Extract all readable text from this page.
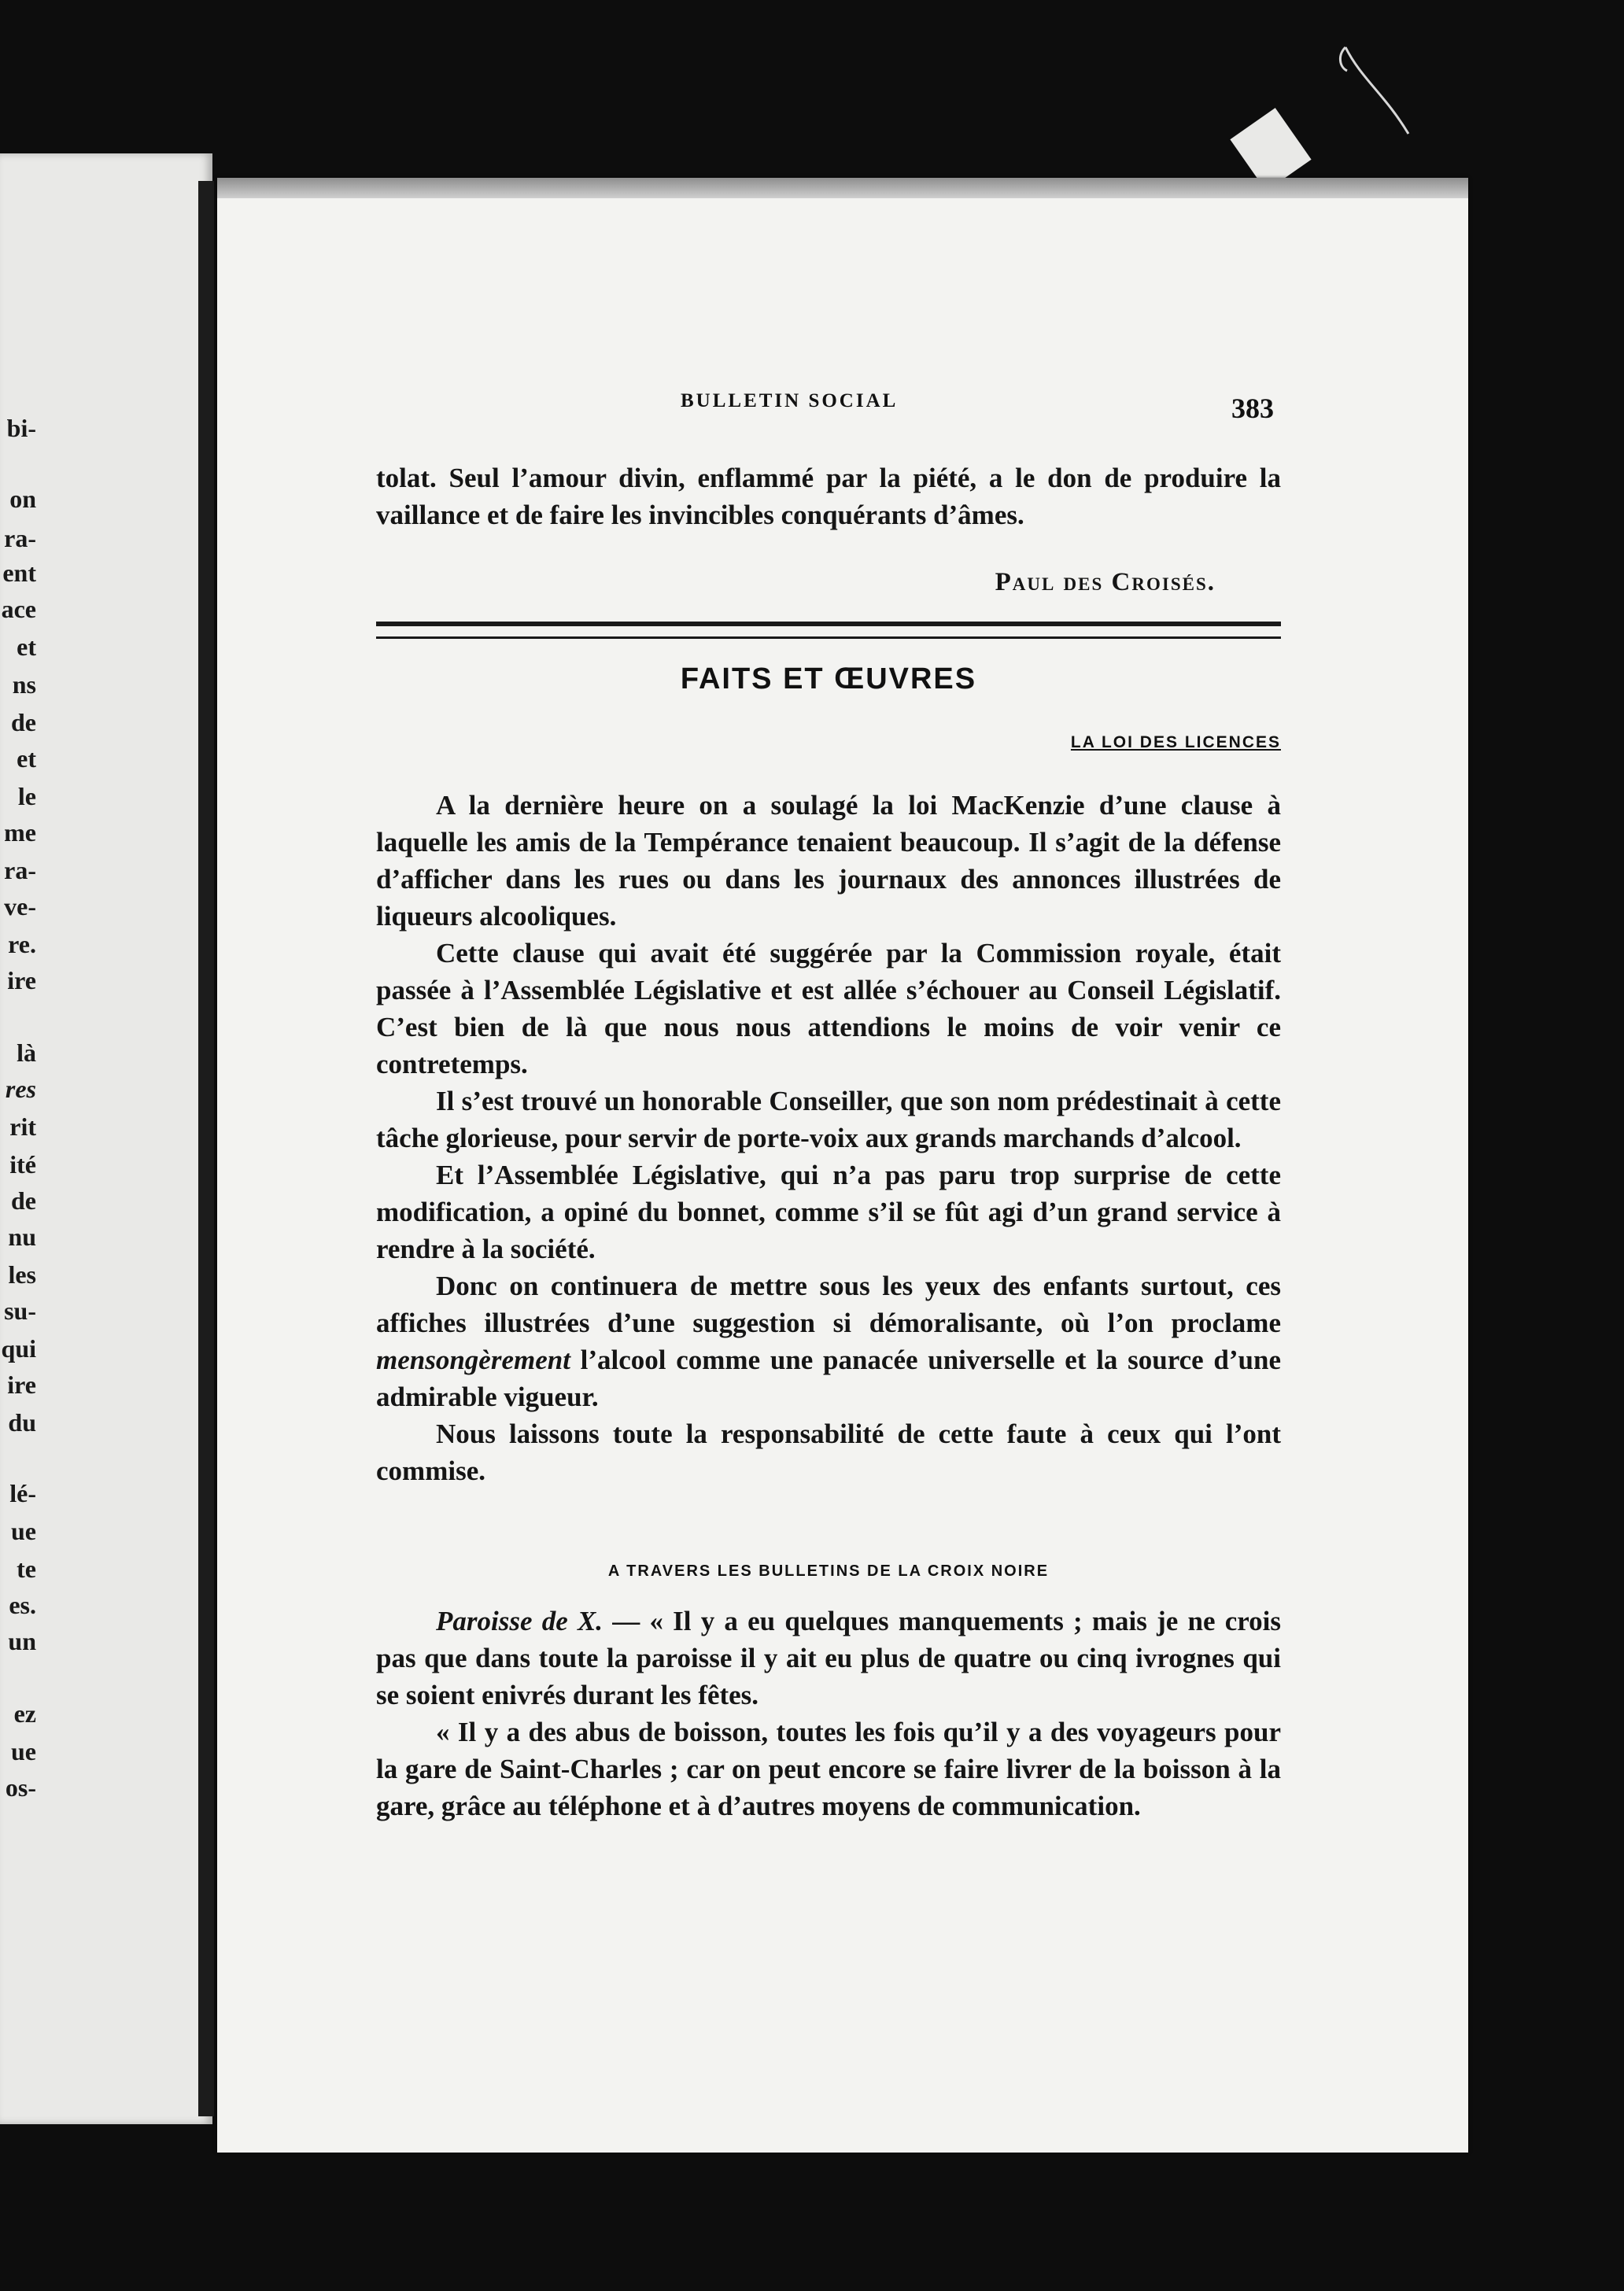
bi-
on
ra-
ent
ace
et
ns
de
et
le
me
ra-
ve-
re.
ire
là
res
rit
ité
de
nu
les
su-
qui
ire
du
lé-
ue
te
es.
un
ez
ue
os-
BULLETIN SOCIAL	383

tolat. Seul l’amour divin, enflammé par la piété, a le don de produire la vaillance et de faire les invincibles conquérants d’âmes.

Paul des Croisés.
FAITS ET ŒUVRES
LA LOI DES LICENCES

A la dernière heure on a soulagé la loi MacKenzie d’une clause à laquelle les amis de la Tempérance tenaient beaucoup. Il s’agit de la défense d’afficher dans les rues ou dans les journaux des annonces illustrées de liqueurs alcooliques.

Cette clause qui avait été suggérée par la Commission royale, était passée à l’Assemblée Législative et est allée s’échouer au Conseil Législatif. C’est bien de là que nous nous attendions le moins de voir venir ce contretemps.

Il s’est trouvé un honorable Conseiller, que son nom prédestinait à cette tâche glorieuse, pour servir de porte-voix aux grands marchands d’alcool.

Et l’Assemblée Législative, qui n’a pas paru trop surprise de cette modification, a opiné du bonnet, comme s’il se fût agi d’un grand service à rendre à la société.

Donc on continuera de mettre sous les yeux des enfants surtout, ces affiches illustrées d’une suggestion si démoralisante, où l’on proclame mensongèrement l’alcool comme une panacée universelle et la source d’une admirable vigueur.

Nous laissons toute la responsabilité de cette faute à ceux qui l’ont commise.

A TRAVERS LES BULLETINS DE LA CROIX NOIRE

Paroisse de X. — « Il y a eu quelques manquements ; mais je ne crois pas que dans toute la paroisse il y ait eu plus de quatre ou cinq ivrognes qui se soient enivrés durant les fêtes.

« Il y a des abus de boisson, toutes les fois qu’il y a des voyageurs pour la gare de Saint-Charles ; car on peut encore se faire livrer de la boisson à la gare, grâce au téléphone et à d’autres moyens de communication.
